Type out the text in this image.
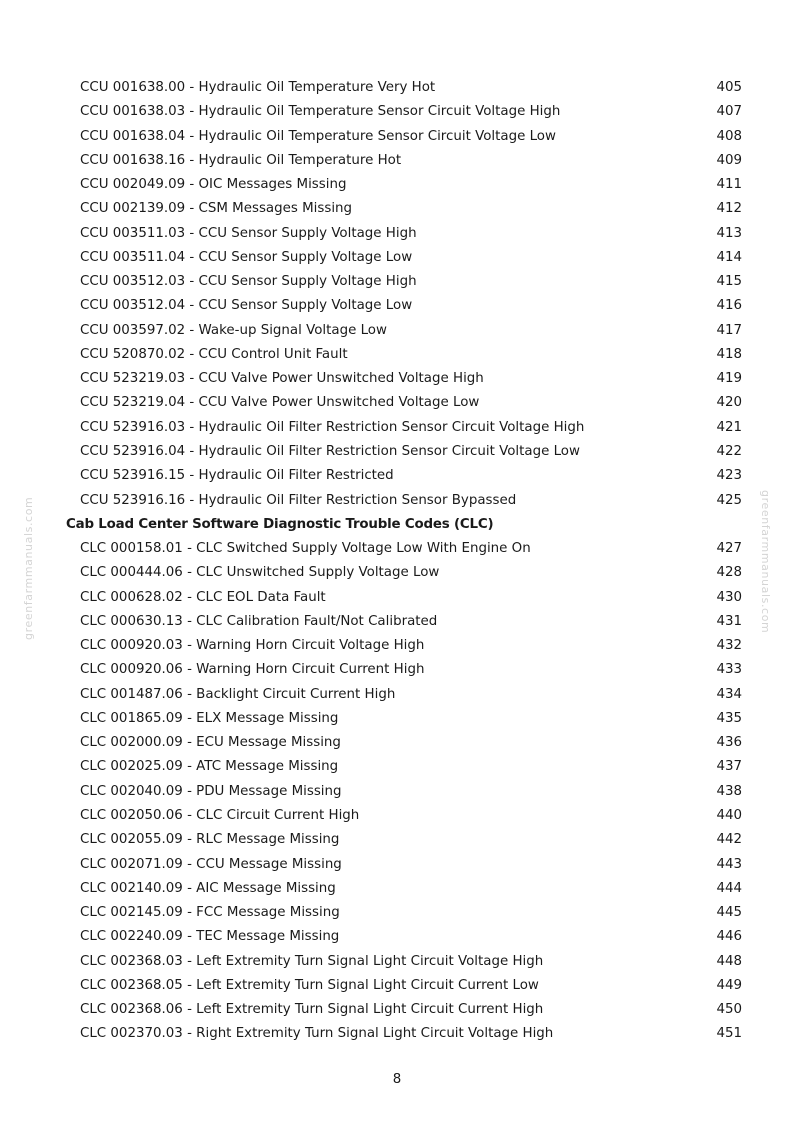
greenfarmmanuals.com	greenfarmmanuals.com
CCU 001638.00 - Hydraulic Oil Temperature Very Hot	405
CCU 001638.03 - Hydraulic Oil Temperature Sensor Circuit Voltage High	407
CCU 001638.04 - Hydraulic Oil Temperature Sensor Circuit Voltage Low	408
CCU 001638.16 - Hydraulic Oil Temperature Hot	409
CCU 002049.09 - OIC Messages Missing	411
CCU 002139.09 - CSM Messages Missing	412
CCU 003511.03 - CCU Sensor Supply Voltage High	413
CCU 003511.04 - CCU Sensor Supply Voltage Low	414
CCU 003512.03 - CCU Sensor Supply Voltage High	415
CCU 003512.04 - CCU Sensor Supply Voltage Low	416
CCU 003597.02 - Wake-up Signal Voltage Low	417
CCU 520870.02 - CCU Control Unit Fault	418
CCU 523219.03 - CCU Valve Power Unswitched Voltage High	419
CCU 523219.04 - CCU Valve Power Unswitched Voltage Low	420
CCU 523916.03 - Hydraulic Oil Filter Restriction Sensor Circuit Voltage High	421
CCU 523916.04 - Hydraulic Oil Filter Restriction Sensor Circuit Voltage Low	422
CCU 523916.15 - Hydraulic Oil Filter Restricted	423
CCU 523916.16 - Hydraulic Oil Filter Restriction Sensor Bypassed	425
Cab Load Center Software Diagnostic Trouble Codes (CLC)
CLC 000158.01 - CLC Switched Supply Voltage Low With Engine On	427
CLC 000444.06 - CLC Unswitched Supply Voltage Low	428
CLC 000628.02 - CLC EOL Data Fault	430
CLC 000630.13 - CLC Calibration Fault/Not Calibrated	431
CLC 000920.03 - Warning Horn Circuit Voltage High	432
CLC 000920.06 - Warning Horn Circuit Current High	433
CLC 001487.06 - Backlight Circuit Current High	434
CLC 001865.09 - ELX Message Missing	435
CLC 002000.09 - ECU Message Missing	436
CLC 002025.09 - ATC Message Missing	437
CLC 002040.09 - PDU Message Missing	438
CLC 002050.06 - CLC Circuit Current High	440
CLC 002055.09 - RLC Message Missing	442
CLC 002071.09 - CCU Message Missing	443
CLC 002140.09 - AIC Message Missing	444
CLC 002145.09 - FCC Message Missing	445
CLC 002240.09 - TEC Message Missing	446
CLC 002368.03 - Left Extremity Turn Signal Light Circuit Voltage High	448
CLC 002368.05 - Left Extremity Turn Signal Light Circuit Current Low	449
CLC 002368.06 - Left Extremity Turn Signal Light Circuit Current High	450
CLC 002370.03 - Right Extremity Turn Signal Light Circuit Voltage High	451
8
